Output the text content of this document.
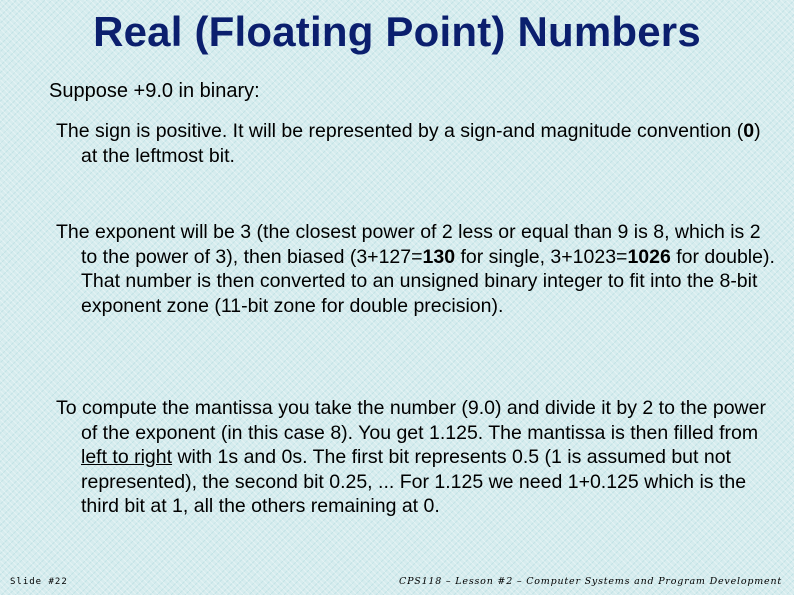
Real (Floating Point) Numbers
Suppose +9.0 in binary:
The sign is positive. It will be represented by a sign-and magnitude convention (0) at the leftmost bit.
The exponent will be 3 (the closest power of 2 less or equal than 9 is 8, which is 2 to the power of 3), then biased (3+127=130 for single, 3+1023=1026 for double). That number is then converted to an unsigned binary integer to fit into the 8-bit exponent zone (11-bit zone for double precision).
To compute the mantissa you take the number (9.0) and divide it by 2 to the power of the exponent (in this case 8). You get 1.125. The mantissa is then filled from left to right with 1s and 0s. The first bit represents 0.5 (1 is assumed but not represented), the second bit 0.25, ... For 1.125 we need 1+0.125 which is the third bit at 1, all the others remaining at 0.
Slide #22	CPS118 – Lesson #2 – Computer Systems and Program Development
